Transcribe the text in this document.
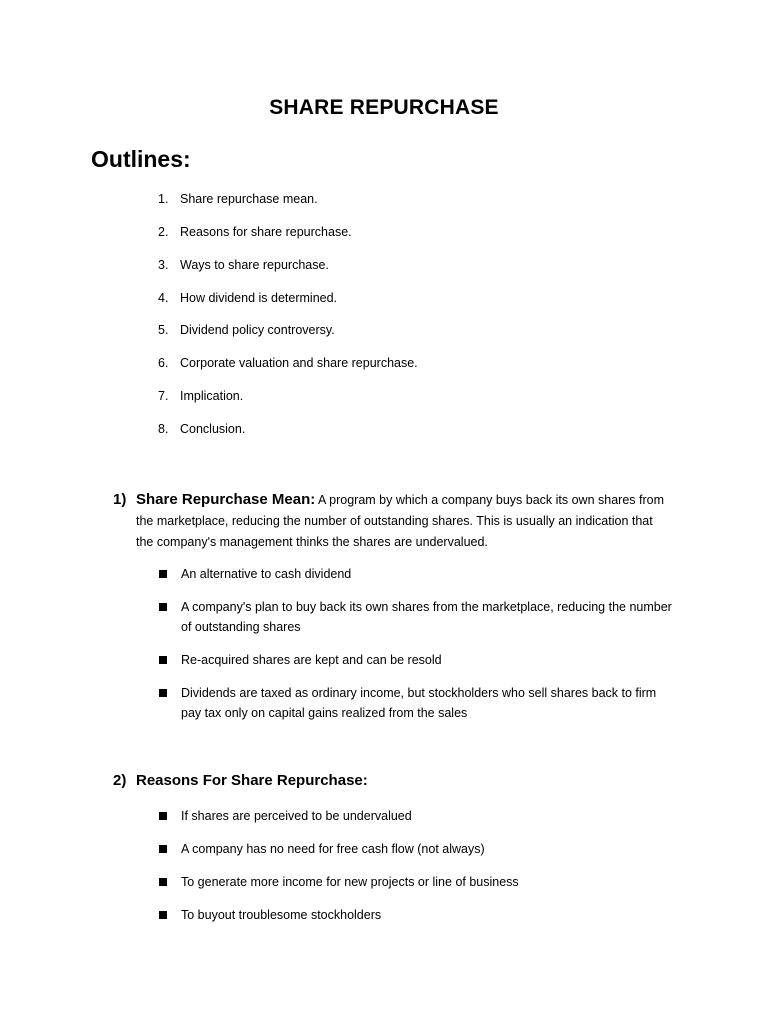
SHARE REPURCHASE
Outlines:
1. Share repurchase mean.
2. Reasons for share repurchase.
3. Ways to share repurchase.
4. How dividend is determined.
5. Dividend policy controversy.
6. Corporate valuation and share repurchase.
7. Implication.
8. Conclusion.
1) Share Repurchase Mean: A program by which a company buys back its own shares from the marketplace, reducing the number of outstanding shares. This is usually an indication that the company's management thinks the shares are undervalued.
An alternative to cash dividend
A company's plan to buy back its own shares from the marketplace, reducing the number of outstanding shares
Re-acquired shares are kept and can be resold
Dividends are taxed as ordinary income, but stockholders who sell shares back to firm pay tax only on capital gains realized from the sales
2) Reasons For Share Repurchase:
If shares are perceived to be undervalued
A company has no need for free cash flow (not always)
To generate more income for new projects or line of business
To buyout troublesome stockholders
